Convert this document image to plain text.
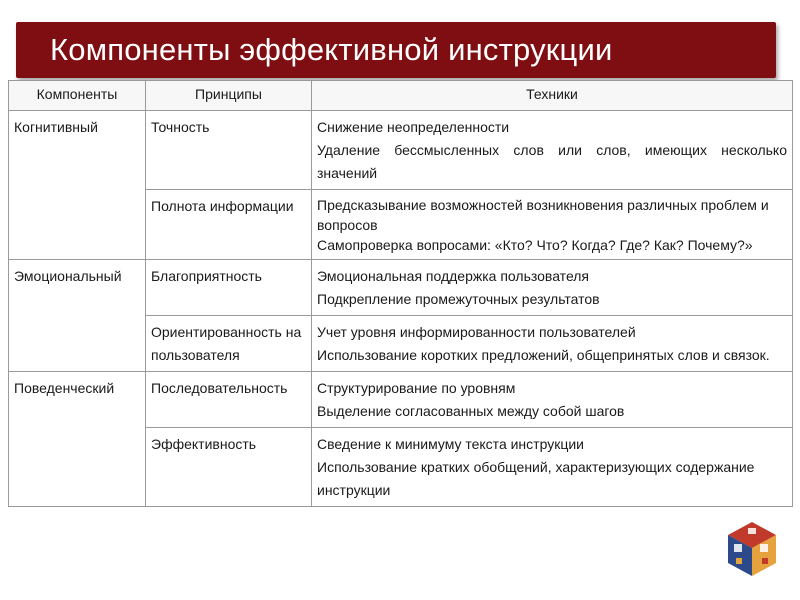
Компоненты эффективной инструкции
Компоненты	Принципы	Техники
Когнитивный	Точность	Снижение неопределенности
Удаление бессмысленных слов или слов, имеющих несколько значений

	Полнота информации	Предсказывание возможностей возникновения различных проблем и вопросов
Самопроверка вопросами: «Кто? Что? Когда? Где? Как? Почему?»

Эмоциональный	Благоприятность	Эмоциональная поддержка пользователя
Подкрепление промежуточных результатов

	Ориентированность на пользователя	Учет уровня информированности пользователей
Использование коротких предложений, общепринятых слов и связок.

Поведенческий	Последовательность	Структурирование по уровням
Выделение согласованных между собой шагов

	Эффективность	Сведение к минимуму текста инструкции
Использование кратких обобщений, характеризующих содержание инструкции
